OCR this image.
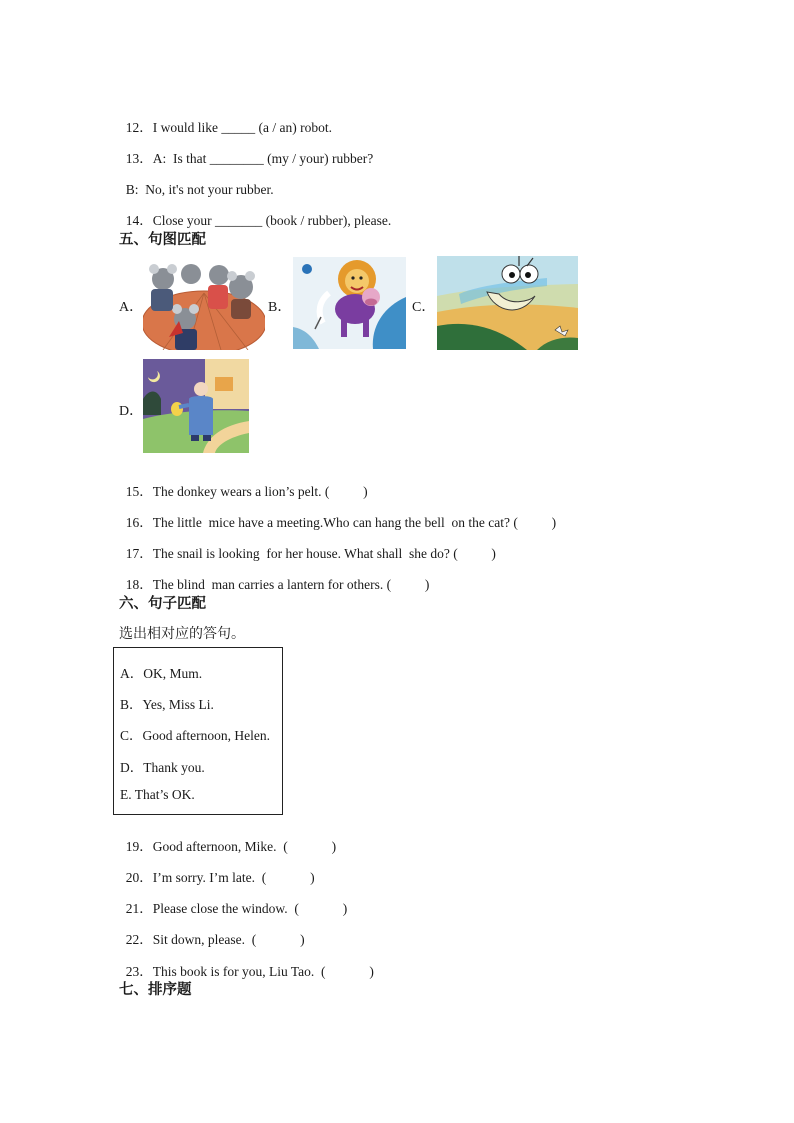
12．I would like _____ (a / an) robot.

13．A:  Is that ________ (my / your) rubber?

B:  No, it's not your rubber.

14．Close your _______ (book / rubber), please.

五、句图匹配
A．	B．	C．
D．

15．The donkey wears a lion’s pelt. (          )

16．The little  mice have a meeting.Who can hang the bell  on the cat? (          )

17．The snail is looking  for her house. What shall  she do? (          )

18．The blind  man carries a lantern for others. (          )

六、句子匹配
选出相对应的答句。
A．OK, Mum.
B．Yes, Miss Li.
C．Good afternoon, Helen.
D．Thank you.
E. That’s OK.

19．Good afternoon, Mike.  (             )

20．I’m sorry. I’m late.  (             )

21．Please close the window.  (             )

22．Sit down, please.  (             )

23．This book is for you, Liu Tao.  (             )

七、排序题
